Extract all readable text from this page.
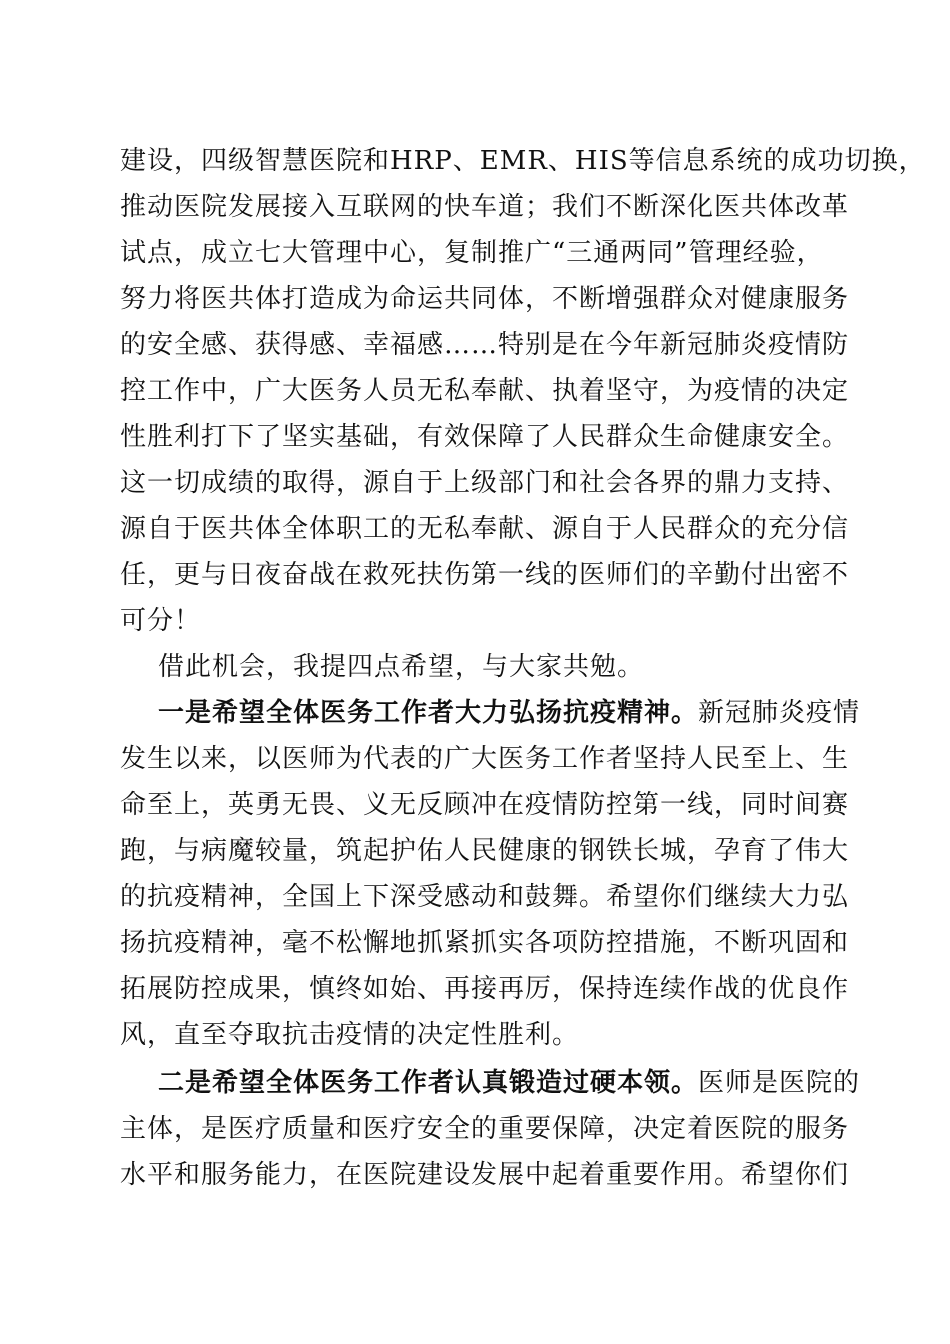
建设，四级智慧医院和HRP、EMR、HIS等信息系统的成功切换，
推动医院发展接入互联网的快车道；我们不断深化医共体改革
试点，成立七大管理中心，复制推广“三通两同”管理经验，
努力将医共体打造成为命运共同体，不断增强群众对健康服务
的安全感、获得感、幸福感……特别是在今年新冠肺炎疫情防
控工作中，广大医务人员无私奉献、执着坚守，为疫情的决定
性胜利打下了坚实基础，有效保障了人民群众生命健康安全。
这一切成绩的取得，源自于上级部门和社会各界的鼎力支持、
源自于医共体全体职工的无私奉献、源自于人民群众的充分信
任，更与日夜奋战在救死扶伤第一线的医师们的辛勤付出密不
可分！
借此机会，我提四点希望，与大家共勉。
一是希望全体医务工作者大力弘扬抗疫精神。新冠肺炎疫情
发生以来，以医师为代表的广大医务工作者坚持人民至上、生
命至上，英勇无畏、义无反顾冲在疫情防控第一线，同时间赛
跑，与病魔较量，筑起护佑人民健康的钢铁长城，孕育了伟大
的抗疫精神，全国上下深受感动和鼓舞。希望你们继续大力弘
扬抗疫精神，毫不松懈地抓紧抓实各项防控措施，不断巩固和
拓展防控成果，慎终如始、再接再厉，保持连续作战的优良作
风，直至夺取抗击疫情的决定性胜利。
二是希望全体医务工作者认真锻造过硬本领。医师是医院的
主体，是医疗质量和医疗安全的重要保障，决定着医院的服务
水平和服务能力，在医院建设发展中起着重要作用。希望你们
